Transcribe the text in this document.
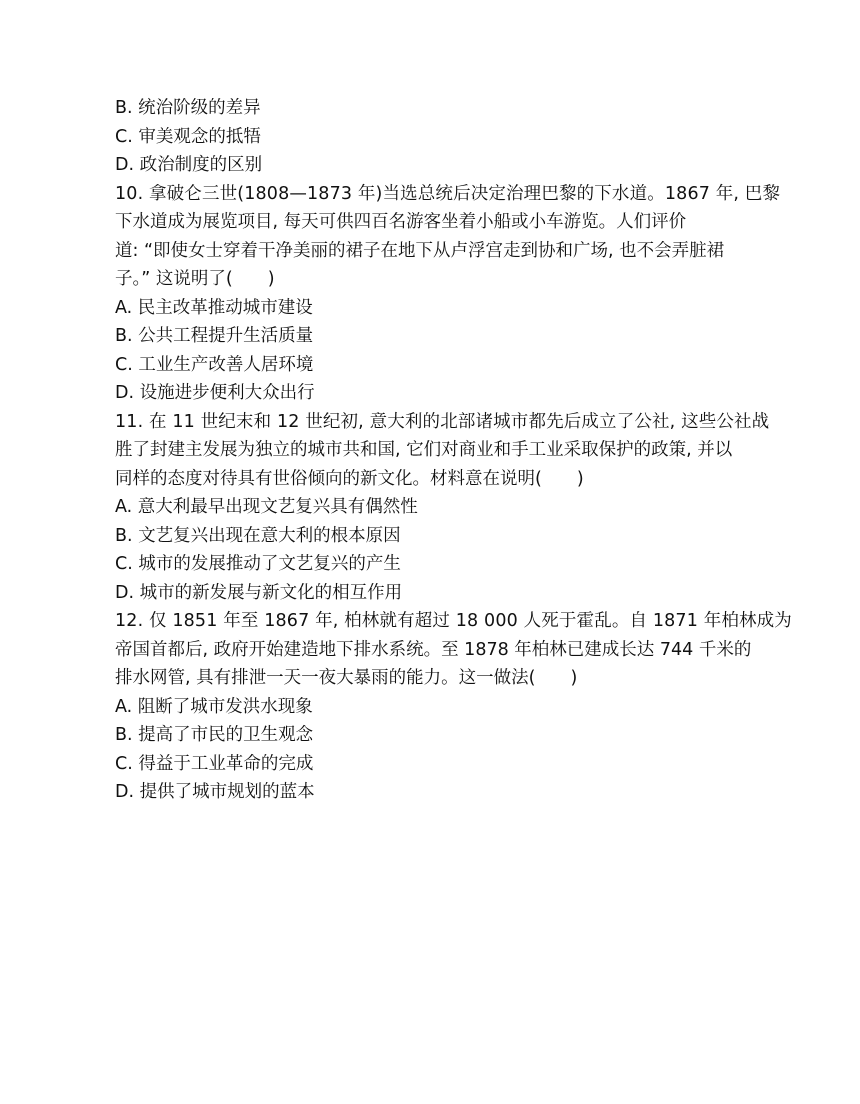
B. 统治阶级的差异
C. 审美观念的抵牾
D. 政治制度的区别
10. 拿破仑三世(1808—1873 年)当选总统后决定治理巴黎的下水道。1867 年, 巴黎
下水道成为展览项目, 每天可供四百名游客坐着小船或小车游览。人们评价
道: “即使女士穿着干净美丽的裙子在地下从卢浮宫走到协和广场, 也不会弄脏裙
子。” 这说明了(　　)
A. 民主改革推动城市建设
B. 公共工程提升生活质量
C. 工业生产改善人居环境
D. 设施进步便利大众出行
11. 在 11 世纪末和 12 世纪初, 意大利的北部诸城市都先后成立了公社, 这些公社战
胜了封建主发展为独立的城市共和国, 它们对商业和手工业采取保护的政策, 并以
同样的态度对待具有世俗倾向的新文化。材料意在说明(　　)
A. 意大利最早出现文艺复兴具有偶然性
B. 文艺复兴出现在意大利的根本原因
C. 城市的发展推动了文艺复兴的产生
D. 城市的新发展与新文化的相互作用
12. 仅 1851 年至 1867 年, 柏林就有超过 18 000 人死于霍乱。自 1871 年柏林成为
帝国首都后, 政府开始建造地下排水系统。至 1878 年柏林已建成长达 744 千米的
排水网管, 具有排泄一天一夜大暴雨的能力。这一做法(　　)
A. 阻断了城市发洪水现象
B. 提高了市民的卫生观念
C. 得益于工业革命的完成
D. 提供了城市规划的蓝本
